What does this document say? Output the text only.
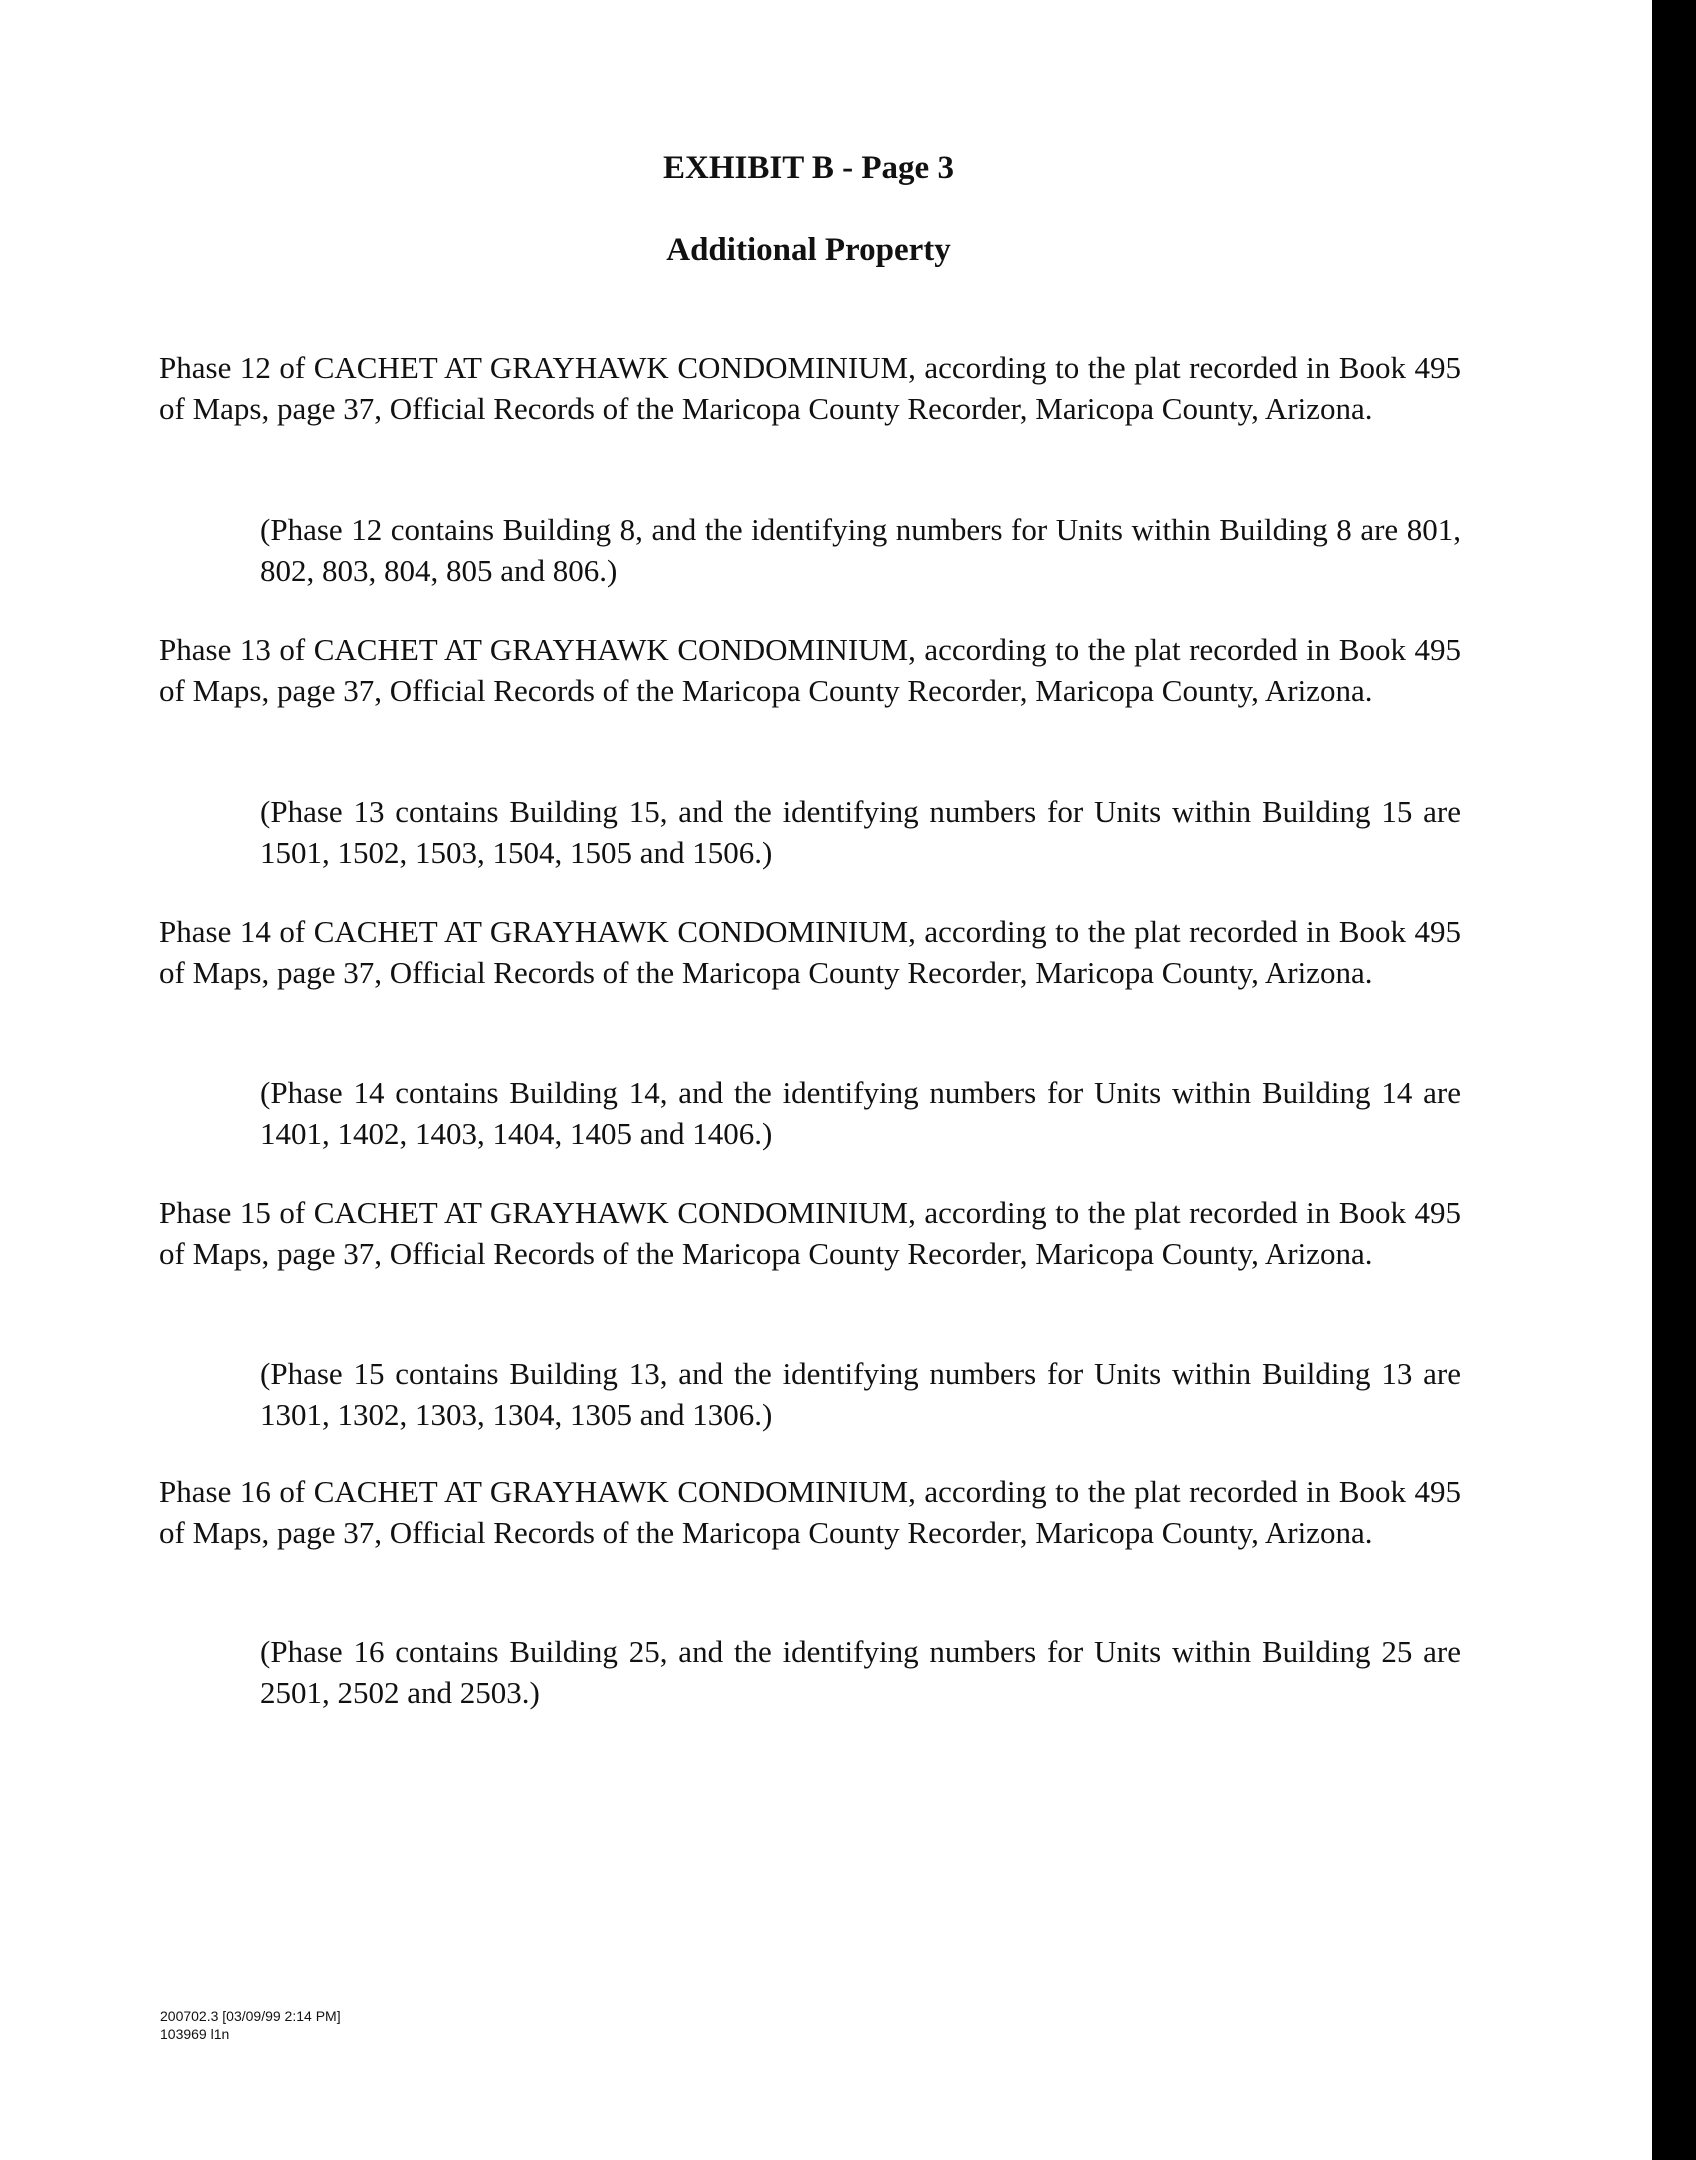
EXHIBIT B - Page 3
Additional Property

Phase 12 of CACHET AT GRAYHAWK CONDOMINIUM, according to the plat recorded in Book 495 of Maps, page 37, Official Records of the Maricopa County Recorder, Maricopa County, Arizona.

(Phase 12 contains Building 8, and the identifying numbers for Units within Building 8 are 801, 802, 803, 804, 805 and 806.)

Phase 13 of CACHET AT GRAYHAWK CONDOMINIUM, according to the plat recorded in Book 495 of Maps, page 37, Official Records of the Maricopa County Recorder, Maricopa County, Arizona.

(Phase 13 contains Building 15, and the identifying numbers for Units within Building 15 are 1501, 1502, 1503, 1504, 1505 and 1506.)

Phase 14 of CACHET AT GRAYHAWK CONDOMINIUM, according to the plat recorded in Book 495 of Maps, page 37, Official Records of the Maricopa County Recorder, Maricopa County, Arizona.

(Phase 14 contains Building 14, and the identifying numbers for Units within Building 14 are 1401, 1402, 1403, 1404, 1405 and 1406.)

Phase 15 of CACHET AT GRAYHAWK CONDOMINIUM, according to the plat recorded in Book 495 of Maps, page 37, Official Records of the Maricopa County Recorder, Maricopa County, Arizona.

(Phase 15 contains Building 13, and the identifying numbers for Units within Building 13 are 1301, 1302, 1303, 1304, 1305 and 1306.)

Phase 16 of CACHET AT GRAYHAWK CONDOMINIUM, according to the plat recorded in Book 495 of Maps, page 37, Official Records of the Maricopa County Recorder, Maricopa County, Arizona.

(Phase 16 contains Building 25, and the identifying numbers for Units within Building 25 are 2501, 2502 and 2503.)

200702.3 [03/09/99 2:14 PM]
103969 l1n
